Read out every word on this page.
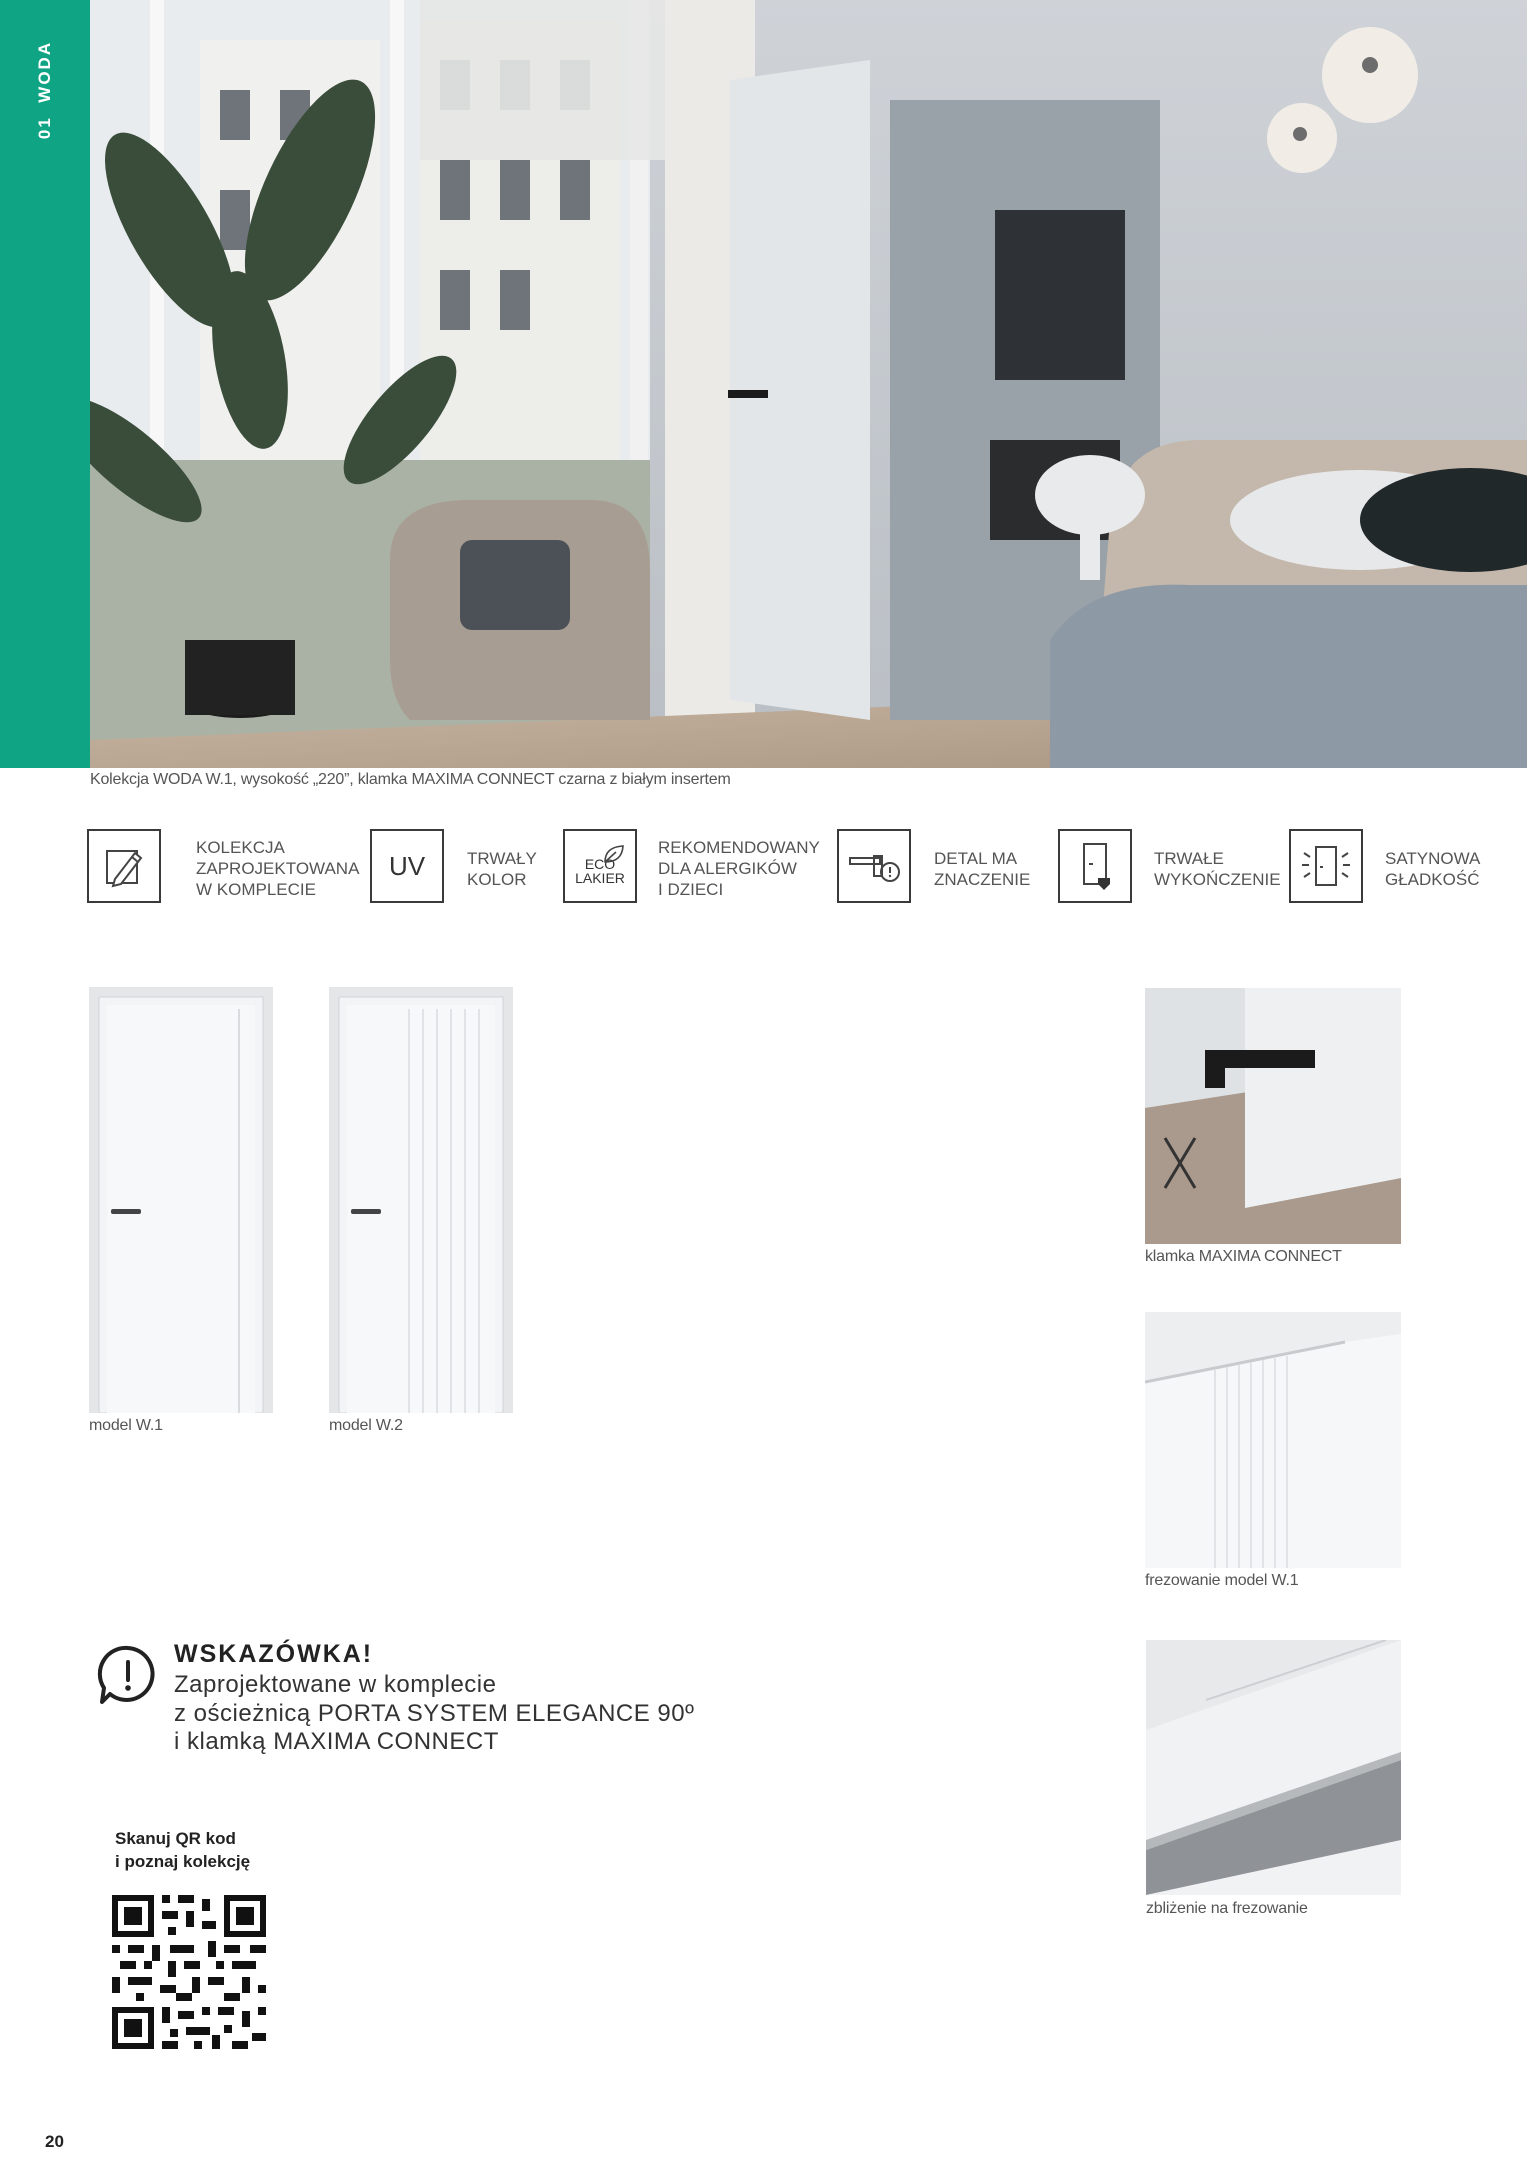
01  WODA
Kolekcja WODA W.1, wysokość „220”, klamka MAXIMA CONNECT czarna z białym insertem
KOLEKCJA
ZAPROJEKTOWANA
W KOMPLECIE
UV TRWAŁY
KOLOR
ECO
LAKIER
REKOMENDOWANY
DLA ALERGIKÓW
I DZIECI
DETAL MA
ZNACZENIE
TRWAŁE
WYKOŃCZENIE
SATYNOWA
GŁADKOŚĆ
model W.1	model W.2
klamka MAXIMA CONNECT
frezowanie model W.1
zbliżenie na frezowanie
WSKAZÓWKA!
Zaprojektowane w komplecie
z ościeżnicą PORTA SYSTEM ELEGANCE 90º
i klamką MAXIMA CONNECT
Skanuj QR kod
i poznaj kolekcję
20
